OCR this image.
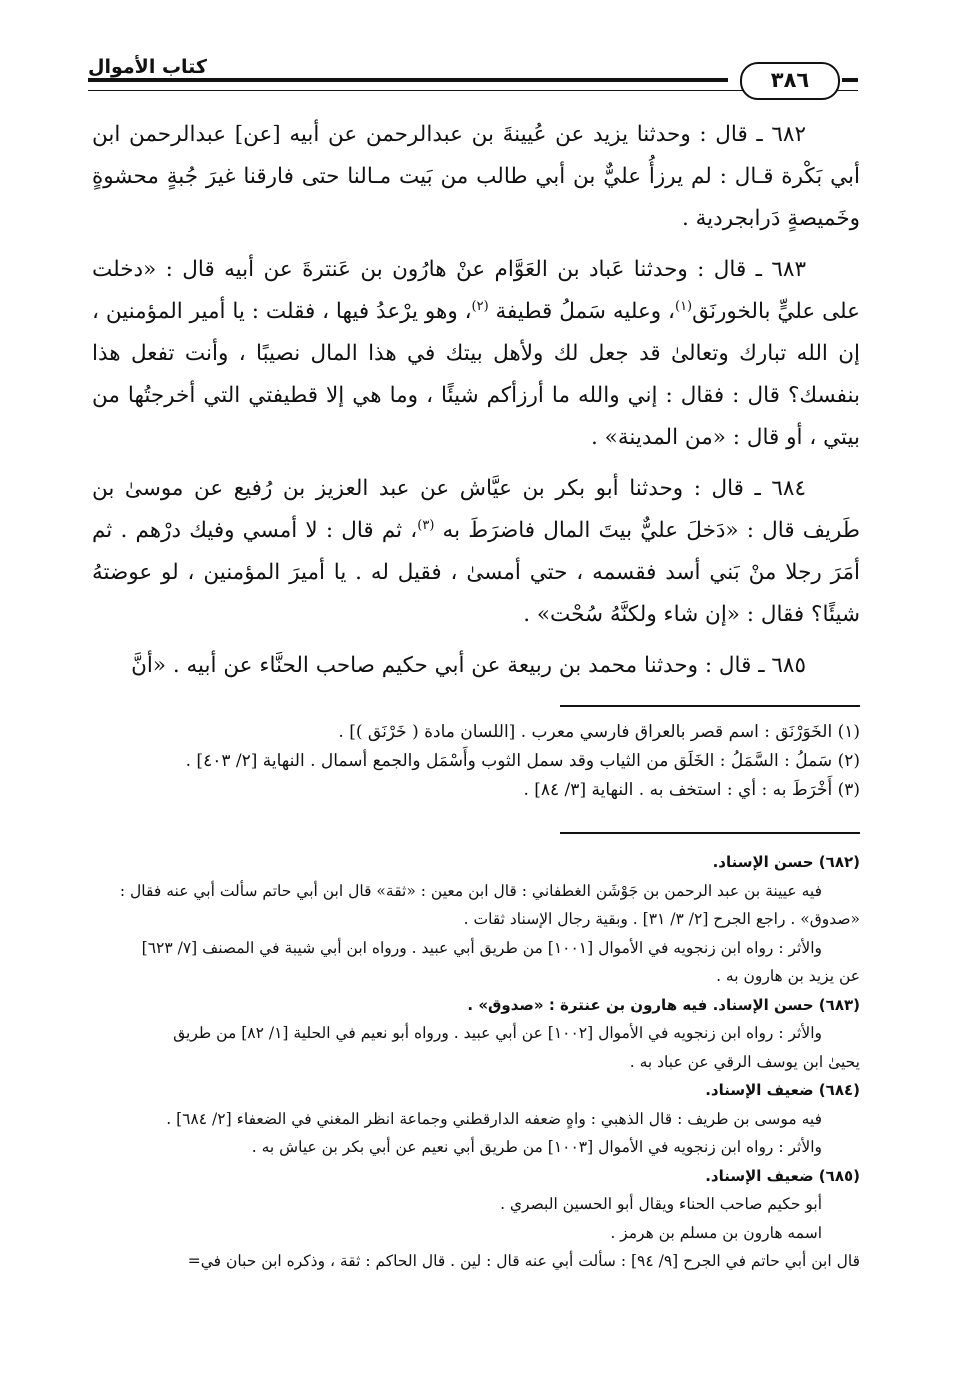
كتاب الأموال
٣٨٦

٦٨٢ ـ قال : وحدثنا يزيد عن عُيينةَ بن عبدالرحمن عن أبيه [عن] عبدالرحمن ابن أبي بَكْرة قـال : لم يرزأُ عليٌّ بن أبي طالب من بَيت مـالنا حتى فارقنا غيرَ جُبةٍ محشوةٍ وخَميصةٍ دَرابجردية .

٦٨٣ ـ قال : وحدثنا عَباد بن العَوَّام عنْ هارُون بن عَنترةَ عن أبيه قال : «دخلت على عليٍّ بالخورنَق$^{(١)}$، وعليه سَملُ قطيفة $^{(٢)}$، وهو يرْعدُ فيها ، فقلت : يا أمير المؤمنين ، إن الله تبارك وتعالىٰ قد جعل لك ولأهل بيتك في هذا المال نصيبًا ، وأنت تفعل هذا بنفسك؟ قال : فقال : إني والله ما أرزأكم شيئًا ، وما هي إلا قطيفتي التي أخرجتُها من بيتي ، أو قال : «من المدينة» .

٦٨٤ ـ قال : وحدثنا أبو بكر بن عيَّاش عن عبد العزيز بن رُفيع عن موسىٰ بن طَريف قال : «دَخلَ عليٌّ بيتَ المال فاضرَطَ به $^{(٣)}$، ثم قال : لا أمسي وفيك درْهم . ثم أمَرَ رجلا منْ بَني أسد فقسمه ، حتي أمسىٰ ، فقيل له . يا أميرَ المؤمنين ، لو عوضتهُ شيئًا؟ فقال : «إن شاء ولكنَّهُ سُحْت» .

٦٨٥ ـ قال : وحدثنا محمد بن ربيعة عن أبي حكيم صاحب الحنَّاء عن أبيه . «أنَّ

(١) الخَوَرْنَق : اسم قصر بالعراق فارسي معرب . [اللسان مادة ( خَرْنَق )] .
(٢) سَملُ : السَّمَلُ : الخَلَق من الثياب وقد سمل الثوب وأَسْمَل والجمع أسمال . النهاية [٢/ ٤٠٣] .
(٣) أَخْرَطَ به : أي : استخف به . النهاية [٣/ ٨٤] .
(٦٨٢) حسن الإسناد.
فيه عيينة بن عبد الرحمن بن جَوْشَن الغطفاني : قال ابن معين : «ثقة» قال ابن أبي حاتم سألت أبي عنه فقال :
«صدوق» . راجع الجرح [٢/ ٣/ ٣١] . وبقية رجال الإسناد ثقات .
والأثر : رواه ابن زنجويه في الأموال [١٠٠١] من طريق أبي عبيد . ورواه ابن أبي شيبة في المصنف [٧/ ٦٢٣]
عن يزيد بن هارون به .
(٦٨٣) حسن الإسناد. فيه هارون بن عنترة : «صدوق» .
والأثر : رواه ابن زنجويه في الأموال [١٠٠٢] عن أبي عبيد . ورواه أبو نعيم في الحلية [١/ ٨٢] من طريق
يحيىٰ ابن يوسف الرقي عن عباد به .
(٦٨٤) ضعيف الإسناد.
فيه موسى بن طريف : قال الذهبي : واهٍ ضعفه الدارقطني وجماعة انظر المغني في الضعفاء [٢/ ٦٨٤] .
والأثر : رواه ابن زنجويه في الأموال [١٠٠٣] من طريق أبي نعيم عن أبي بكر بن عياش به .
(٦٨٥) ضعيف الإسناد.
أبو حكيم صاحب الحناء ويقال أبو الحسين البصري .
اسمه هارون بن مسلم بن هرمز .
قال ابن أبي حاتم في الجرح [٩/ ٩٤] : سألت أبي عنه قال : لين . قال الحاكم : ثقة ، وذكره ابن حبان في=
